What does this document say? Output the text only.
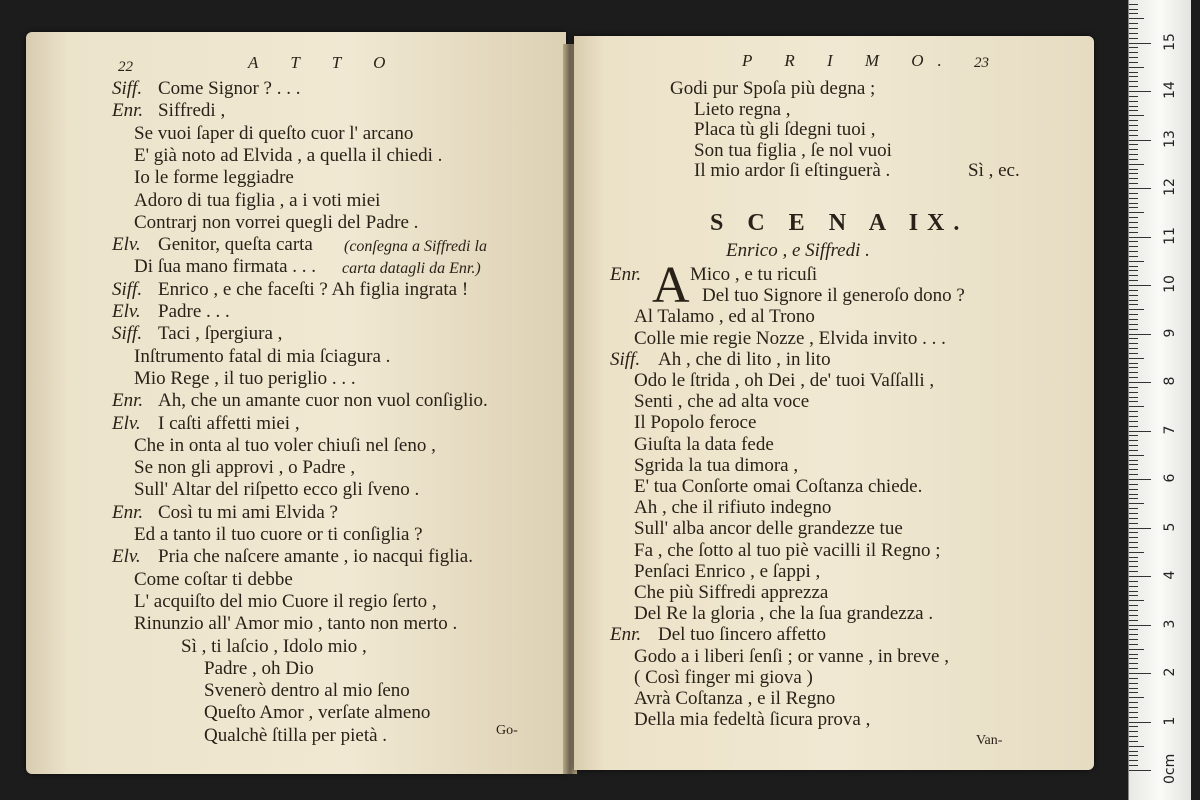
22	A T T O
Siff. Come Signor ? . . .
Enr. Siffredi ,
Se vuoi ſaper di queſto cuor l' arcano
E' già noto ad Elvida , a quella il chiedi .
Io le forme leggiadre
Adoro di tua figlia , a i voti miei
Contrarj non vorrei quegli del Padre .
Elv. Genitor, queſta carta (conſegna a Siffredi la
Di ſua mano firmata . . . carta datagli da Enr.)
Siff. Enrico , e che faceſti ? Ah figlia ingrata !
Elv. Padre . . .
Siff. Taci , ſpergiura ,
Inſtrumento fatal di mia ſciagura .
Mio Rege , il tuo periglio . . .
Enr. Ah, che un amante cuor non vuol conſiglio.
Elv. I caſti affetti miei ,
Che in onta al tuo voler chiuſi nel ſeno ,
Se non gli approvi , o Padre ,
Sull' Altar del riſpetto ecco gli ſveno .
Enr. Così tu mi ami Elvida ?
Ed a tanto il tuo cuore or ti conſiglia ?
Elv. Pria che naſcere amante , io nacqui figlia.
Come coſtar ti debbe
L' acquiſto del mio Cuore il regio ſerto ,
Rinunzio all' Amor mio , tanto non merto .
Sì , ti laſcio , Idolo mio ,
Padre , oh Dio
Svenerò dentro al mio ſeno
Queſto Amor , verſate almeno
Qualchè ſtilla per pietà .	Go-
P R I M O. 23
Godi pur Spoſa più degna ;
Lieto regna ,
Placa tù gli ſdegni tuoi ,
Son tua figlia , ſe nol vuoi
Il mio ardor ſi eſtinguerà .	Sì , ec.
S C E N A IX.
Enrico , e Siffredi .
A
Enr.	Mico , e tu ricuſi
Del tuo Signore il generoſo dono ?
Al Talamo , ed al Trono
Colle mie regie Nozze , Elvida invito . . .
Siff. Ah , che di lito , in lito
Odo le ſtrida , oh Dei , de' tuoi Vaſſalli ,
Senti , che ad alta voce
Il Popolo feroce
Giuſta la data fede
Sgrida la tua dimora ,
E' tua Conſorte omai Coſtanza chiede.
Ah , che il rifiuto indegno
Sull' alba ancor delle grandezze tue
Fa , che ſotto al tuo piè vacilli il Regno ;
Penſaci Enrico , e ſappi ,
Che più Siffredi apprezza
Del Re la gloria , che la ſua grandezza .
Enr. Del tuo ſincero affetto
Godo a i liberi ſenſi ; or vanne , in breve ,
( Così finger mi giova )
Avrà Coſtanza , e il Regno
Della mia fedeltà ſicura prova ,
Van-
0cm
1
2
3
4
5
6
7
8
9
10
11
12
13
14
15
